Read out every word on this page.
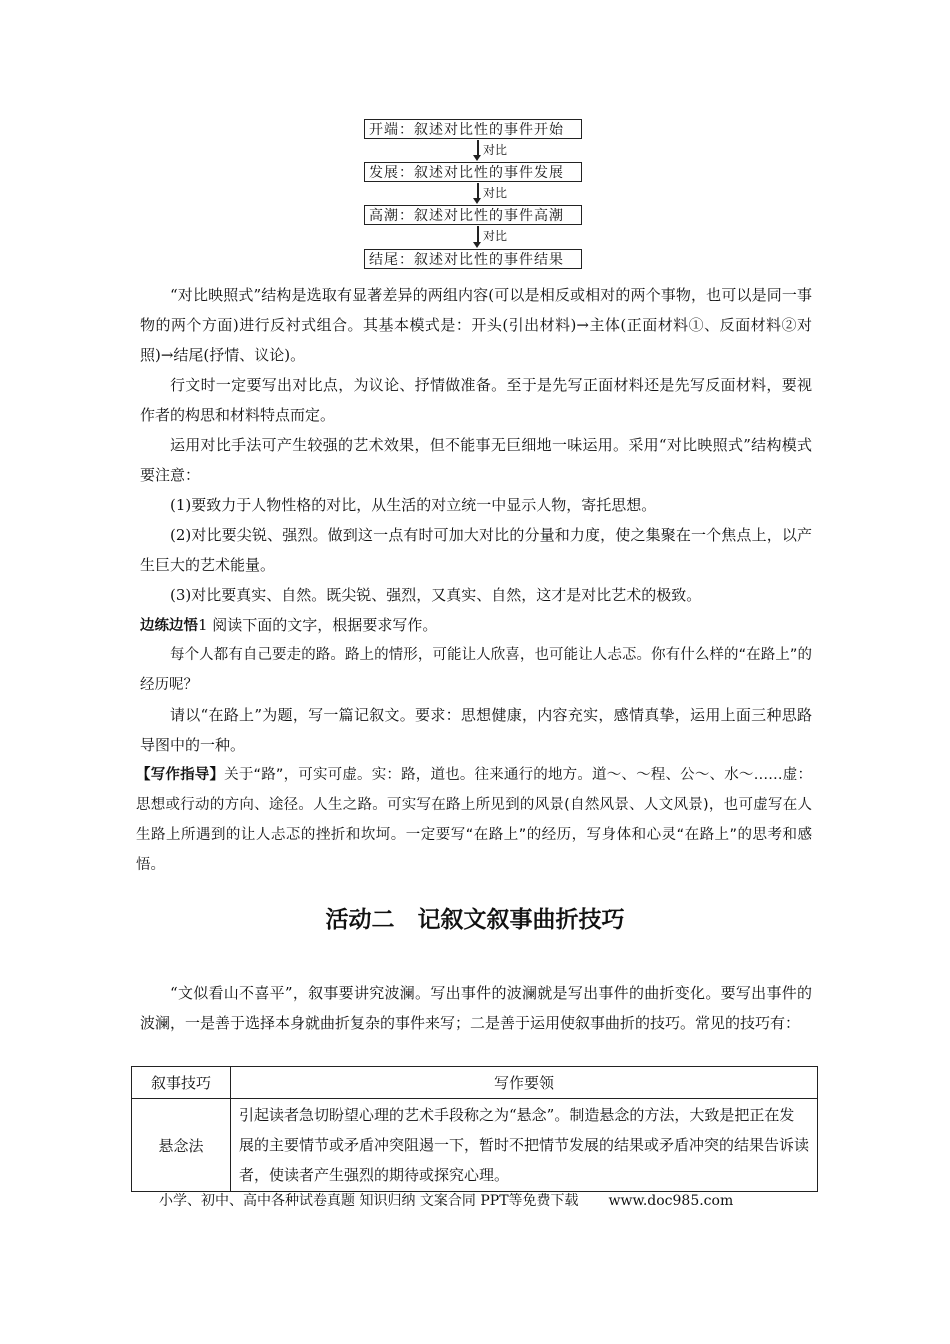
开端：叙述对比性的事件开始
对比
发展：叙述对比性的事件发展
对比
高潮：叙述对比性的事件高潮
对比
结尾：叙述对比性的事件结果
“对比映照式”结构是选取有显著差异的两组内容(可以是相反或相对的两个事物，也可以是同一事物的两个方面)进行反衬式组合。其基本模式是：开头(引出材料)→主体(正面材料①、反面材料②对照)→结尾(抒情、议论)。
行文时一定要写出对比点，为议论、抒情做准备。至于是先写正面材料还是先写反面材料，要视作者的构思和材料特点而定。
运用对比手法可产生较强的艺术效果，但不能事无巨细地一味运用。采用“对比映照式”结构模式要注意：
(1)要致力于人物性格的对比，从生活的对立统一中显示人物，寄托思想。
(2)对比要尖锐、强烈。做到这一点有时可加大对比的分量和力度，使之集聚在一个焦点上，以产生巨大的艺术能量。
(3)对比要真实、自然。既尖锐、强烈，又真实、自然，这才是对比艺术的极致。
边练边悟1 阅读下面的文字，根据要求写作。
每个人都有自己要走的路。路上的情形，可能让人欣喜，也可能让人忐忑。你有什么样的“在路上”的经历呢？
请以“在路上”为题，写一篇记叙文。要求：思想健康，内容充实，感情真挚，运用上面三种思路导图中的一种。
【写作指导】关于“路”，可实可虚。实：路，道也。往来通行的地方。道～、～程、公～、水～……虚：思想或行动的方向、途径。人生之路。可实写在路上所见到的风景(自然风景、人文风景)，也可虚写在人生路上所遇到的让人忐忑的挫折和坎坷。一定要写“在路上”的经历，写身体和心灵“在路上”的思考和感悟。
活动二　记叙文叙事曲折技巧
“文似看山不喜平”，叙事要讲究波澜。写出事件的波澜就是写出事件的曲折变化。要写出事件的波澜，一是善于选择本身就曲折复杂的事件来写；二是善于运用使叙事曲折的技巧。常见的技巧有：
叙事技巧	写作要领
悬念法	引起读者急切盼望心理的艺术手段称之为“悬念”。制造悬念的方法，大致是把正在发展的主要情节或矛盾冲突阻遏一下，暂时不把情节发展的结果或矛盾冲突的结果告诉读者，使读者产生强烈的期待或探究心理。
小学、初中、高中各种试卷真题 知识归纳 文案合同 PPT等免费下载 www.doc985.com
